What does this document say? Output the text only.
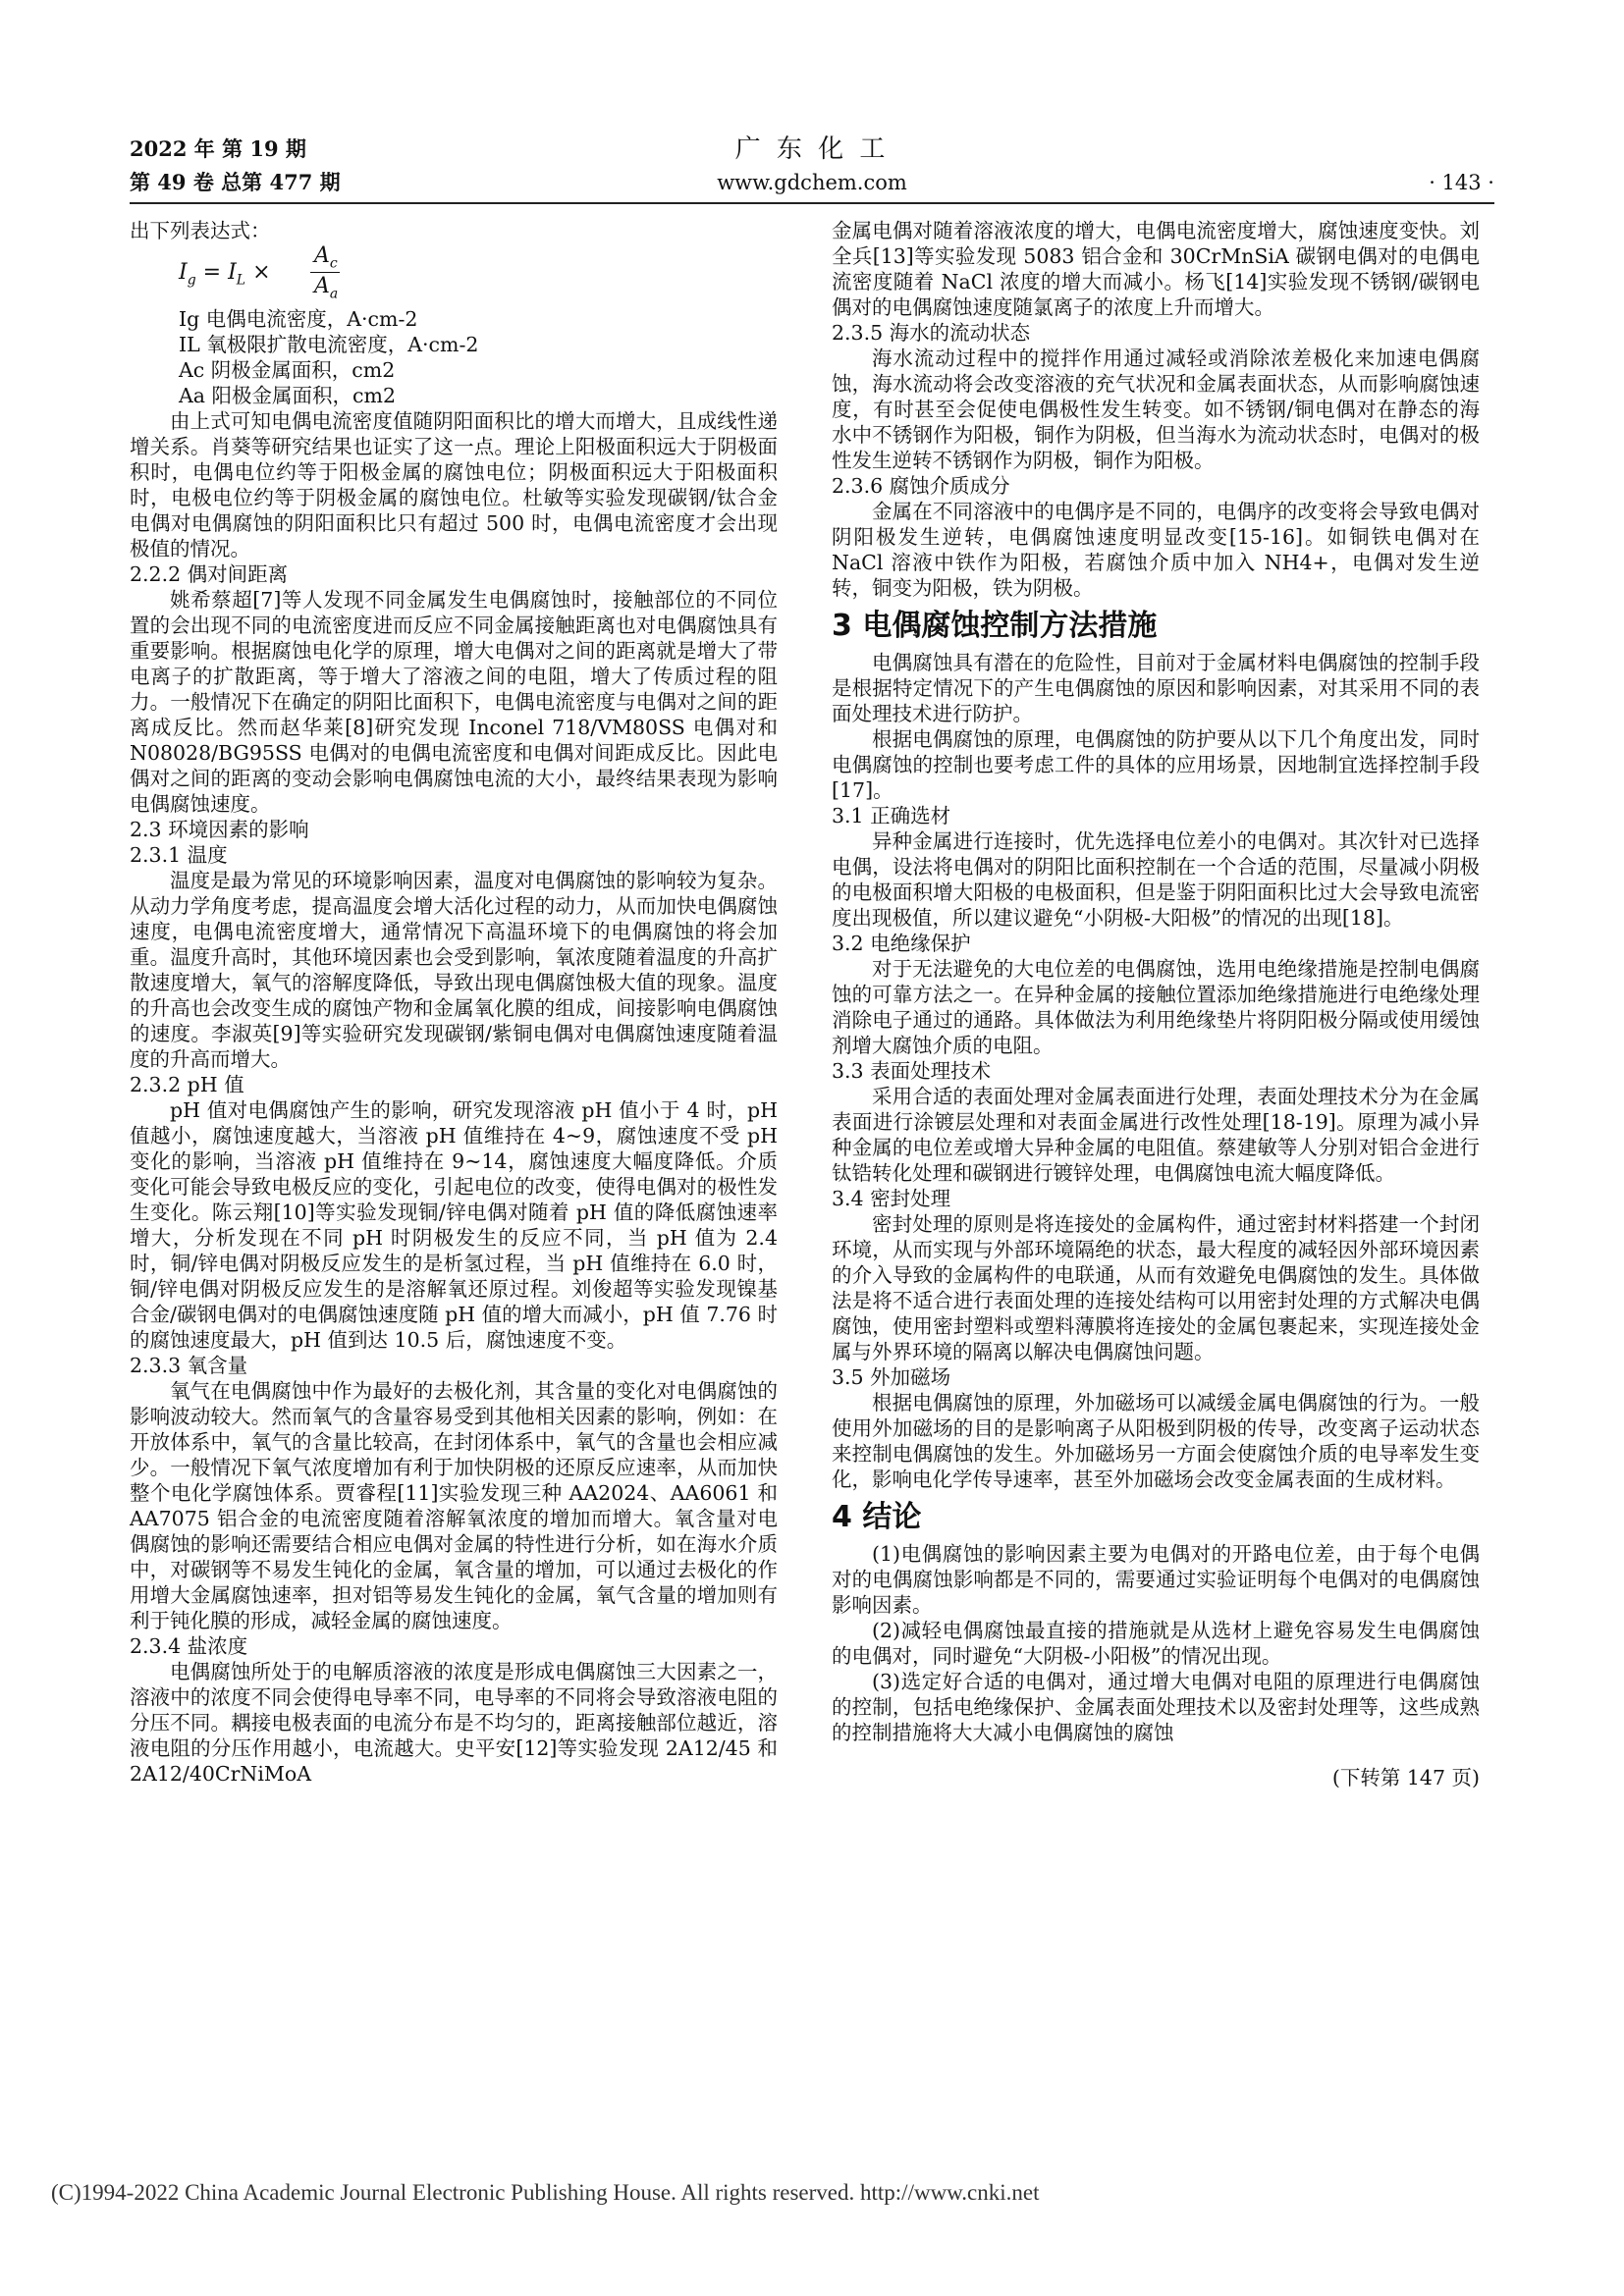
2022 年 第 19 期
第 49 卷 总第 477 期
广 东 化 工
www.gdchem.com	· 143 ·

出下列表达式：

$I_g = I_L$ ×
$A_c$
$A_a$

Ig 电偶电流密度，A·cm-2

IL 氧极限扩散电流密度，A·cm-2

Ac 阴极金属面积，cm2

Aa 阳极金属面积，cm2

由上式可知电偶电流密度值随阴阳面积比的增大而增大，且成线性递增关系。肖葵等研究结果也证实了这一点。理论上阳极面积远大于阴极面积时，电偶电位约等于阳极金属的腐蚀电位；阴极面积远大于阳极面积时，电极电位约等于阴极金属的腐蚀电位。杜敏等实验发现碳钢/钛合金电偶对电偶腐蚀的阴阳面积比只有超过 500 时，电偶电流密度才会出现极值的情况。

2.2.2 偶对间距离

姚希蔡超[7]等人发现不同金属发生电偶腐蚀时，接触部位的不同位置的会出现不同的电流密度进而反应不同金属接触距离也对电偶腐蚀具有重要影响。根据腐蚀电化学的原理，增大电偶对之间的距离就是增大了带电离子的扩散距离，等于增大了溶液之间的电阻，增大了传质过程的阻力。一般情况下在确定的阴阳比面积下，电偶电流密度与电偶对之间的距离成反比。然而赵华莱[8]研究发现 Inconel 718/VM80SS 电偶对和 N08028/BG95SS 电偶对的电偶电流密度和电偶对间距成反比。因此电偶对之间的距离的变动会影响电偶腐蚀电流的大小，最终结果表现为影响电偶腐蚀速度。

2.3 环境因素的影响
2.3.1 温度

温度是最为常见的环境影响因素，温度对电偶腐蚀的影响较为复杂。从动力学角度考虑，提高温度会增大活化过程的动力，从而加快电偶腐蚀速度，电偶电流密度增大，通常情况下高温环境下的电偶腐蚀的将会加重。温度升高时，其他环境因素也会受到影响，氧浓度随着温度的升高扩散速度增大，氧气的溶解度降低，导致出现电偶腐蚀极大值的现象。温度的升高也会改变生成的腐蚀产物和金属氧化膜的组成，间接影响电偶腐蚀的速度。李淑英[9]等实验研究发现碳钢/紫铜电偶对电偶腐蚀速度随着温度的升高而增大。

2.3.2 pH 值

pH 值对电偶腐蚀产生的影响，研究发现溶液 pH 值小于 4 时，pH 值越小，腐蚀速度越大，当溶液 pH 值维持在 4~9，腐蚀速度不受 pH 变化的影响，当溶液 pH 值维持在 9~14，腐蚀速度大幅度降低。介质变化可能会导致电极反应的变化，引起电位的改变，使得电偶对的极性发生变化。陈云翔[10]等实验发现铜/锌电偶对随着 pH 值的降低腐蚀速率增大，分析发现在不同 pH 时阴极发生的反应不同，当 pH 值为 2.4 时，铜/锌电偶对阴极反应发生的是析氢过程，当 pH 值维持在 6.0 时，铜/锌电偶对阴极反应发生的是溶解氧还原过程。刘俊超等实验发现镍基合金/碳钢电偶对的电偶腐蚀速度随 pH 值的增大而减小，pH 值 7.76 时的腐蚀速度最大，pH 值到达 10.5 后，腐蚀速度不变。

2.3.3 氧含量

氧气在电偶腐蚀中作为最好的去极化剂，其含量的变化对电偶腐蚀的影响波动较大。然而氧气的含量容易受到其他相关因素的影响，例如：在开放体系中，氧气的含量比较高，在封闭体系中，氧气的含量也会相应减少。一般情况下氧气浓度增加有利于加快阴极的还原反应速率，从而加快整个电化学腐蚀体系。贾睿程[11]实验发现三种 AA2024、AA6061 和 AA7075 铝合金的电流密度随着溶解氧浓度的增加而增大。氧含量对电偶腐蚀的影响还需要结合相应电偶对金属的特性进行分析，如在海水介质中，对碳钢等不易发生钝化的金属，氧含量的增加，可以通过去极化的作用增大金属腐蚀速率，担对铝等易发生钝化的金属，氧气含量的增加则有利于钝化膜的形成，减轻金属的腐蚀速度。

2.3.4 盐浓度

电偶腐蚀所处于的电解质溶液的浓度是形成电偶腐蚀三大因素之一，溶液中的浓度不同会使得电导率不同，电导率的不同将会导致溶液电阻的分压不同。耦接电极表面的电流分布是不均匀的，距离接触部位越近，溶液电阻的分压作用越小，电流越大。史平安[12]等实验发现 2A12/45 和 2A12/40CrNiMoA

金属电偶对随着溶液浓度的增大，电偶电流密度增大，腐蚀速度变快。刘全兵[13]等实验发现 5083 铝合金和 30CrMnSiA 碳钢电偶对的电偶电流密度随着 NaCl 浓度的增大而减小。杨飞[14]实验发现不锈钢/碳钢电偶对的电偶腐蚀速度随氯离子的浓度上升而增大。

2.3.5 海水的流动状态

海水流动过程中的搅拌作用通过减轻或消除浓差极化来加速电偶腐蚀，海水流动将会改变溶液的充气状况和金属表面状态，从而影响腐蚀速度，有时甚至会促使电偶极性发生转变。如不锈钢/铜电偶对在静态的海水中不锈钢作为阳极，铜作为阴极，但当海水为流动状态时，电偶对的极性发生逆转不锈钢作为阴极，铜作为阳极。

2.3.6 腐蚀介质成分

金属在不同溶液中的电偶序是不同的，电偶序的改变将会导致电偶对阴阳极发生逆转，电偶腐蚀速度明显改变[15-16]。如铜铁电偶对在 NaCl 溶液中铁作为阳极，若腐蚀介质中加入 NH4+，电偶对发生逆转，铜变为阳极，铁为阴极。

3 电偶腐蚀控制方法措施

电偶腐蚀具有潜在的危险性，目前对于金属材料电偶腐蚀的控制手段是根据特定情况下的产生电偶腐蚀的原因和影响因素，对其采用不同的表面处理技术进行防护。

根据电偶腐蚀的原理，电偶腐蚀的防护要从以下几个角度出发，同时电偶腐蚀的控制也要考虑工件的具体的应用场景，因地制宜选择控制手段[17]。

3.1 正确选材

异种金属进行连接时，优先选择电位差小的电偶对。其次针对已选择电偶，设法将电偶对的阴阳比面积控制在一个合适的范围，尽量减小阴极的电极面积增大阳极的电极面积，但是鉴于阴阳面积比过大会导致电流密度出现极值，所以建议避免“小阴极-大阳极”的情况的出现[18]。

3.2 电绝缘保护

对于无法避免的大电位差的电偶腐蚀，选用电绝缘措施是控制电偶腐蚀的可靠方法之一。在异种金属的接触位置添加绝缘措施进行电绝缘处理消除电子通过的通路。具体做法为利用绝缘垫片将阴阳极分隔或使用缓蚀剂增大腐蚀介质的电阻。

3.3 表面处理技术

采用合适的表面处理对金属表面进行处理，表面处理技术分为在金属表面进行涂镀层处理和对表面金属进行改性处理[18-19]。原理为减小异种金属的电位差或增大异种金属的电阻值。蔡建敏等人分别对铝合金进行钛锆转化处理和碳钢进行镀锌处理，电偶腐蚀电流大幅度降低。

3.4 密封处理

密封处理的原则是将连接处的金属构件，通过密封材料搭建一个封闭环境，从而实现与外部环境隔绝的状态，最大程度的减轻因外部环境因素的介入导致的金属构件的电联通，从而有效避免电偶腐蚀的发生。具体做法是将不适合进行表面处理的连接处结构可以用密封处理的方式解决电偶腐蚀，使用密封塑料或塑料薄膜将连接处的金属包裹起来，实现连接处金属与外界环境的隔离以解决电偶腐蚀问题。

3.5 外加磁场

根据电偶腐蚀的原理，外加磁场可以减缓金属电偶腐蚀的行为。一般使用外加磁场的目的是影响离子从阳极到阴极的传导，改变离子运动状态来控制电偶腐蚀的发生。外加磁场另一方面会使腐蚀介质的电导率发生变化，影响电化学传导速率，甚至外加磁场会改变金属表面的生成材料。

4 结论

(1)电偶腐蚀的影响因素主要为电偶对的开路电位差，由于每个电偶对的电偶腐蚀影响都是不同的，需要通过实验证明每个电偶对的电偶腐蚀影响因素。

(2)减轻电偶腐蚀最直接的措施就是从选材上避免容易发生电偶腐蚀的电偶对，同时避免“大阴极-小阳极”的情况出现。

(3)选定好合适的电偶对，通过增大电偶对电阻的原理进行电偶腐蚀的控制，包括电绝缘保护、金属表面处理技术以及密封处理等，这些成熟的控制措施将大大减小电偶腐蚀的腐蚀

(下转第 147 页)
(C)1994-2022 China Academic Journal Electronic Publishing House. All rights reserved. http://www.cnki.net
